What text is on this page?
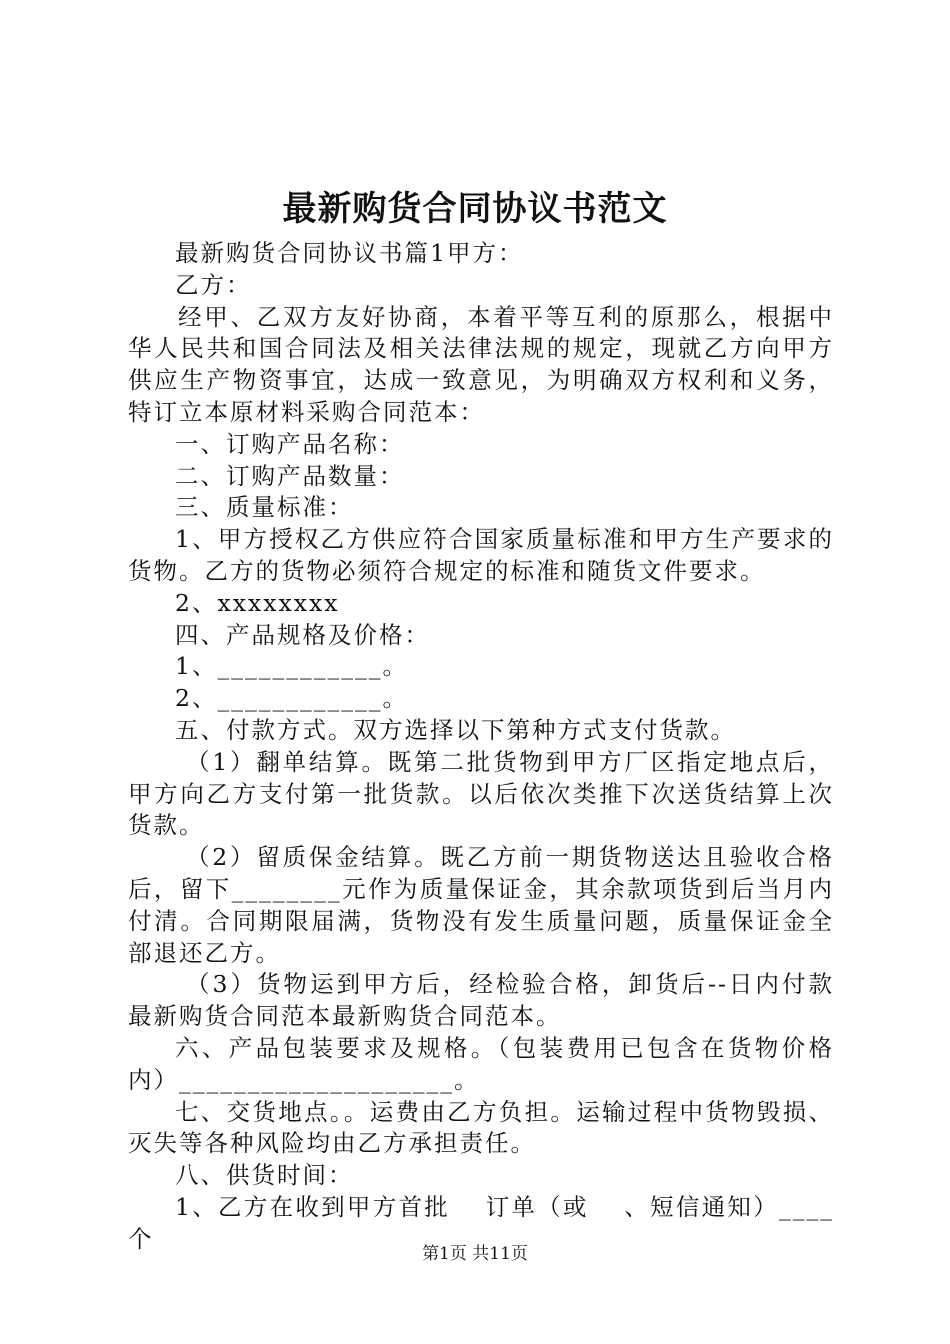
最新购货合同协议书范文

最新购货合同协议书篇1甲方：

乙方：

经甲、乙双方友好协商，本着平等互利的原那么，根据中华人民共和国合同法及相关法律法规的规定，现就乙方向甲方供应生产物资事宜，达成一致意见，为明确双方权利和义务，特订立本原材料采购合同范本：

一、订购产品名称：

二、订购产品数量：

三、质量标准：

1、甲方授权乙方供应符合国家质量标准和甲方生产要求的货物。乙方的货物必须符合规定的标准和随货文件要求。

2、xxxxxxxx

四、产品规格及价格：

1、____________。

2、____________。

五、付款方式。双方选择以下第种方式支付货款。

（1）翻单结算。既第二批货物到甲方厂区指定地点后，甲方向乙方支付第一批货款。以后依次类推下次送货结算上次货款。

（2）留质保金结算。既乙方前一期货物送达且验收合格后，留下________元作为质量保证金，其余款项货到后当月内付清。合同期限届满，货物没有发生质量问题，质量保证金全部退还乙方。

（3）货物运到甲方后，经检验合格，卸货后--日内付款最新购货合同范本最新购货合同范本。

六、产品包装要求及规格。（包装费用已包含在货物价格内）____________________。

七、交货地点。。运费由乙方负担。运输过程中货物毁损、灭失等各种风险均由乙方承担责任。

八、供货时间：

1、乙方在收到甲方首批　 订单（或　 、短信通知）____个

第1页 共11页
